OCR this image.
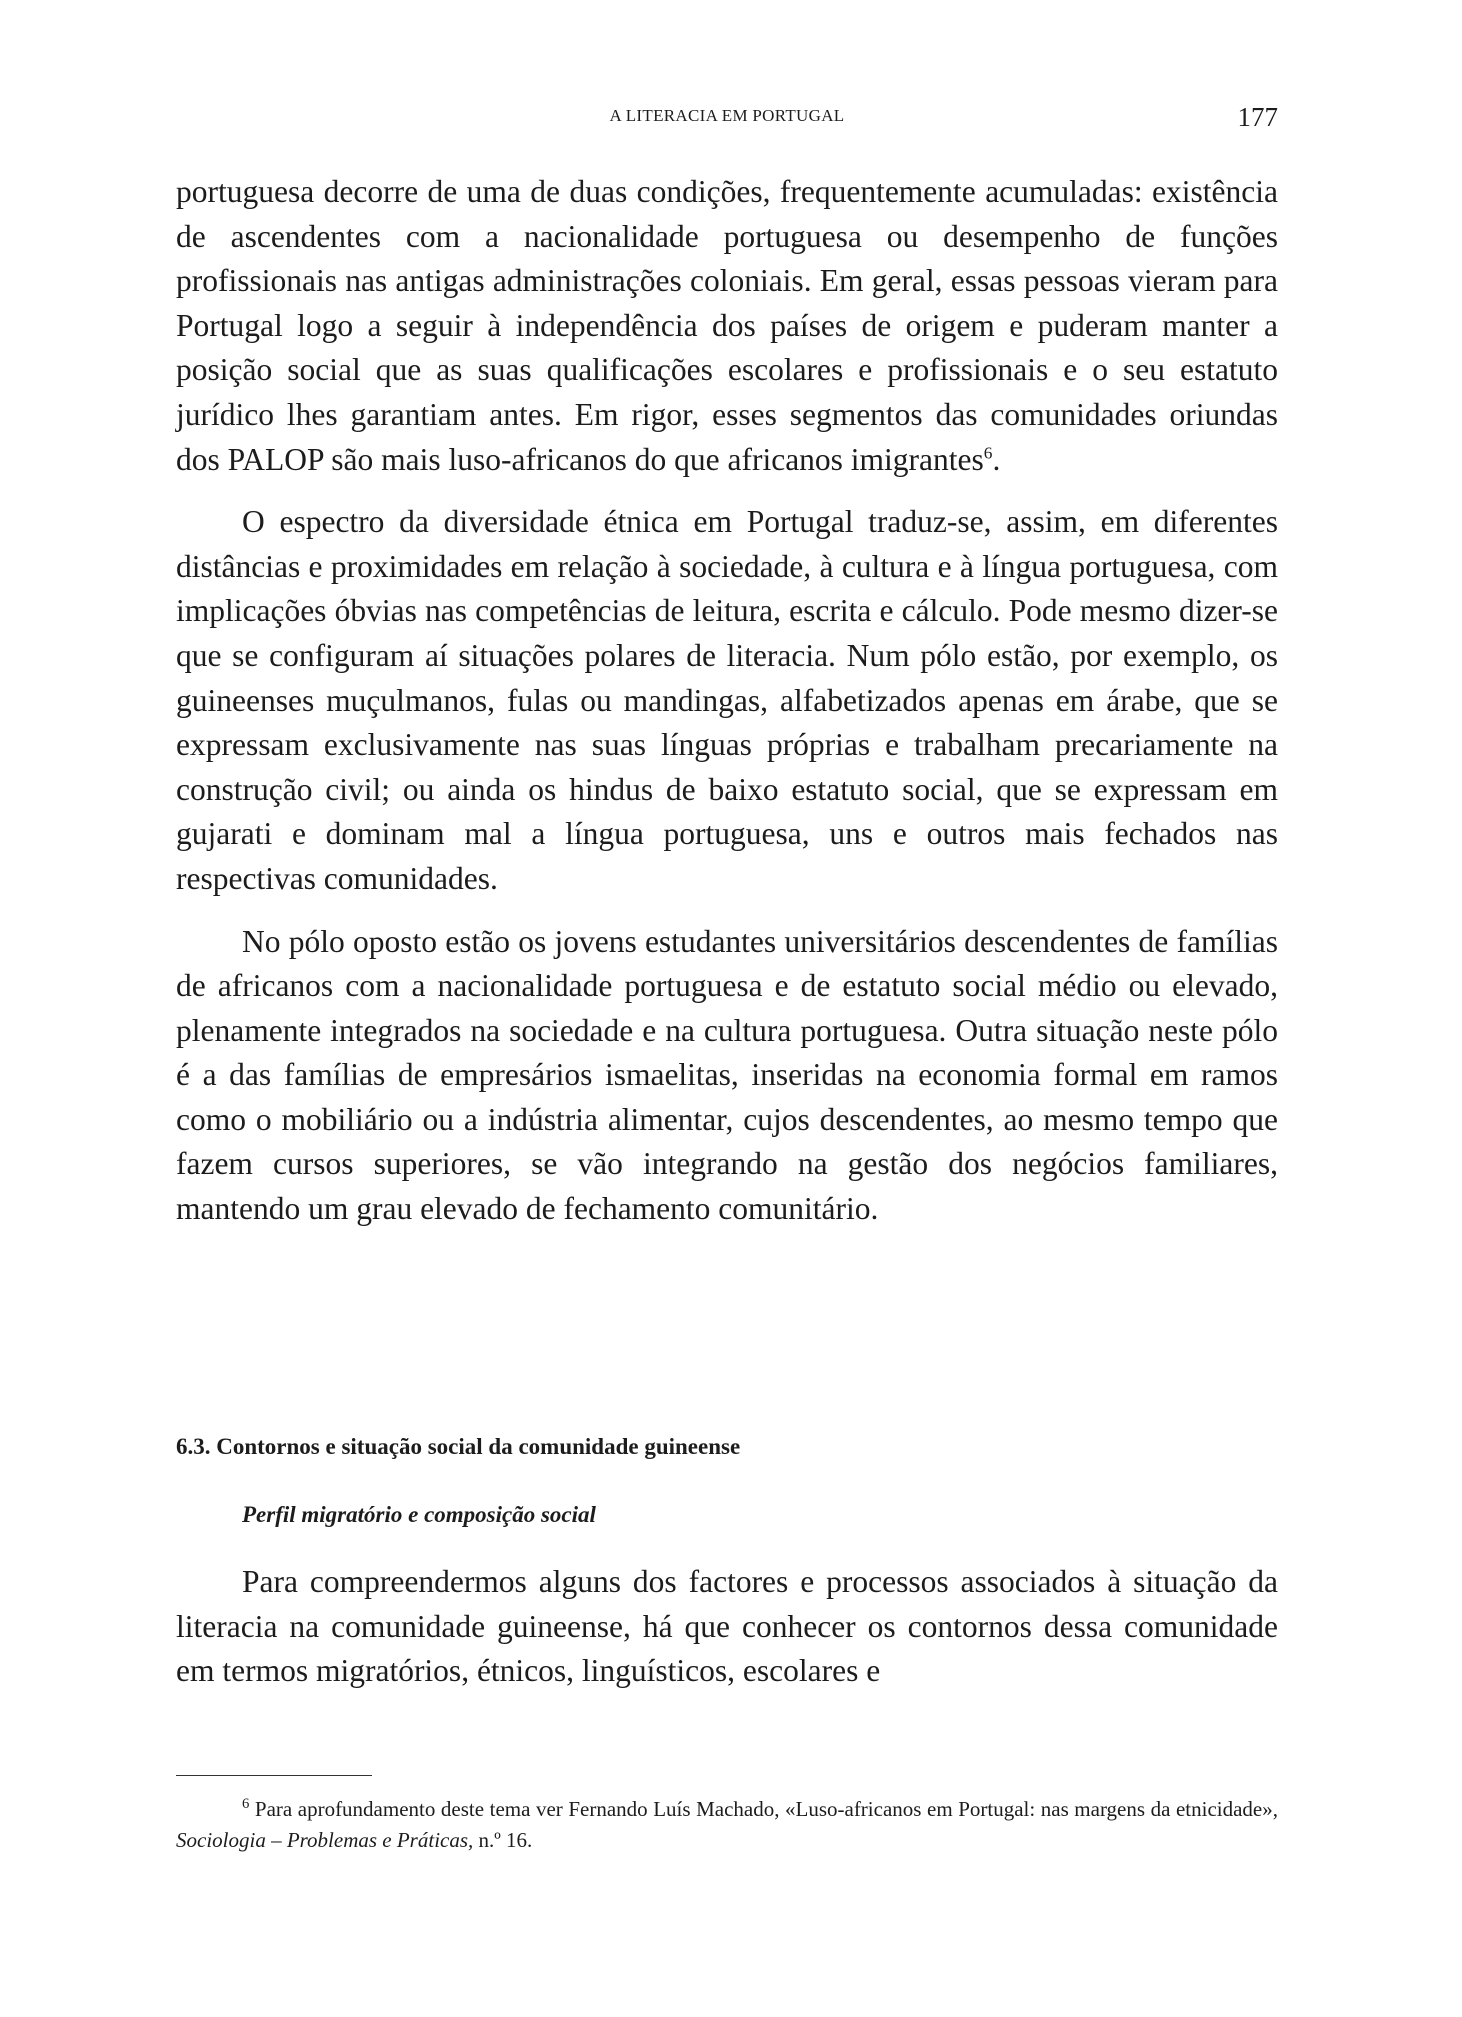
A LITERACIA EM PORTUGAL	177

portuguesa decorre de uma de duas condições, frequentemente acumuladas: existência de ascendentes com a nacionalidade portuguesa ou desempenho de funções profissionais nas antigas administrações coloniais. Em geral, essas pessoas vieram para Portugal logo a seguir à independência dos países de origem e puderam manter a posição social que as suas qualificações escolares e profissionais e o seu estatuto jurídico lhes garantiam antes. Em rigor, esses segmentos das comunidades oriundas dos PALOP são mais luso-africanos do que africanos imigrantes$^6$.

O espectro da diversidade étnica em Portugal traduz-se, assim, em diferentes distâncias e proximidades em relação à sociedade, à cultura e à língua portuguesa, com implicações óbvias nas competências de leitura, escrita e cálculo. Pode mesmo dizer-se que se configuram aí situações polares de literacia. Num pólo estão, por exemplo, os guineenses muçulmanos, fulas ou mandingas, alfabetizados apenas em árabe, que se expressam exclusivamente nas suas línguas próprias e trabalham precariamente na construção civil; ou ainda os hindus de baixo estatuto social, que se expressam em gujarati e dominam mal a língua portuguesa, uns e outros mais fechados nas respectivas comunidades.

No pólo oposto estão os jovens estudantes universitários descendentes de famílias de africanos com a nacionalidade portuguesa e de estatuto social médio ou elevado, plenamente integrados na sociedade e na cultura portuguesa. Outra situação neste pólo é a das famílias de empresários ismaelitas, inseridas na economia formal em ramos como o mobiliário ou a indústria alimentar, cujos descendentes, ao mesmo tempo que fazem cursos superiores, se vão integrando na gestão dos negócios familiares, mantendo um grau elevado de fechamento comunitário.

6.3. Contornos e situação social da comunidade guineense
Perfil migratório e composição social

Para compreendermos alguns dos factores e processos associados à situação da literacia na comunidade guineense, há que conhecer os contornos dessa comunidade em termos migratórios, étnicos, linguísticos, escolares e

$^6$ Para aprofundamento deste tema ver Fernando Luís Machado, «Luso-africanos em Portugal: nas margens da etnicidade», Sociologia – Problemas e Práticas, n.º 16.
